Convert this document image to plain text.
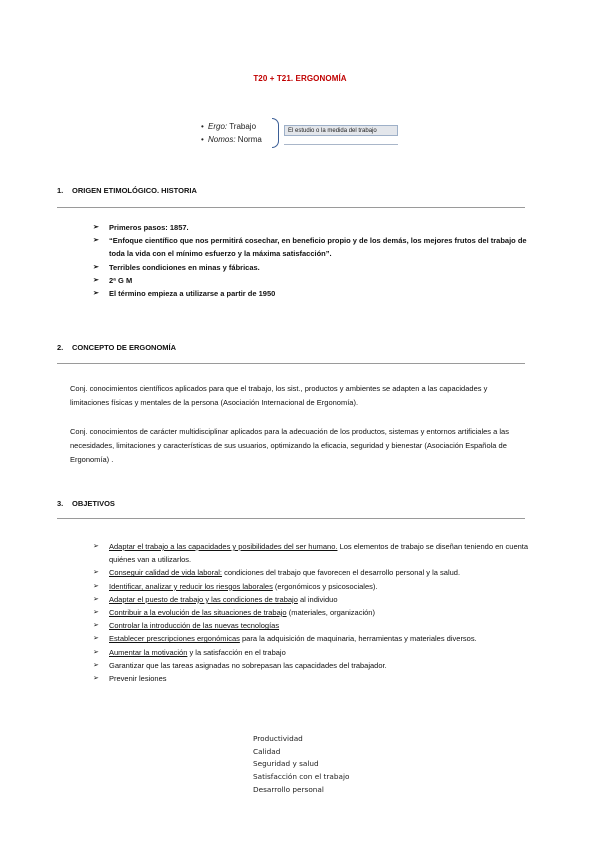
T20 + T21. ERGONOMÍA
• Ergo: Trabajo
• Nomos: Norma
El estudio o la medida del trabajo
1. ORIGEN ETIMOLÓGICO. HISTORIA
➢ Primeros pasos: 1857.
➢ “Enfoque científico que nos permitirá cosechar, en beneficio propio y de los demás, los mejores frutos del trabajo de toda la vida con el mínimo esfuerzo y la máxima satisfacción”.
➢ Terribles condiciones en minas y fábricas.
➢ 2ª G M
➢ El término empieza a utilizarse a partir de 1950
2. CONCEPTO DE ERGONOMÍA

Conj. conocimientos científicos aplicados para que el trabajo, los sist., productos y ambientes se adapten a las capacidades y limitaciones físicas y mentales de la persona (Asociación Internacional de Ergonomía).

Conj. conocimientos de carácter multidisciplinar aplicados para la adecuación de los productos, sistemas y entornos artificiales a las necesidades, limitaciones y características de sus usuarios, optimizando la eficacia, seguridad y bienestar (Asociación Española de Ergonomía) .

3. OBJETIVOS
➢ Adaptar el trabajo a las capacidades y posibilidades del ser humano. Los elementos de trabajo se diseñan teniendo en cuenta quiénes van a utilizarlos.
➢ Conseguir calidad de vida laboral: condiciones del trabajo que favorecen el desarrollo personal y la salud.
➢ Identificar, analizar y reducir los riesgos laborales (ergonómicos y psicosociales).
➢ Adaptar el puesto de trabajo y las condiciones de trabajo al individuo
➢ Contribuir a la evolución de las situaciones de trabajo (materiales, organización)
➢ Controlar la introducción de las nuevas tecnologías
➢ Establecer prescripciones ergonómicas para la adquisición de maquinaria, herramientas y materiales diversos.
➢ Aumentar la motivación y la satisfacción en el trabajo
➢ Garantizar que las tareas asignadas no sobrepasan las capacidades del trabajador.
➢ Prevenir lesiones
Productividad
Calidad
Seguridad y salud
Satisfacción con el trabajo
Desarrollo personal
